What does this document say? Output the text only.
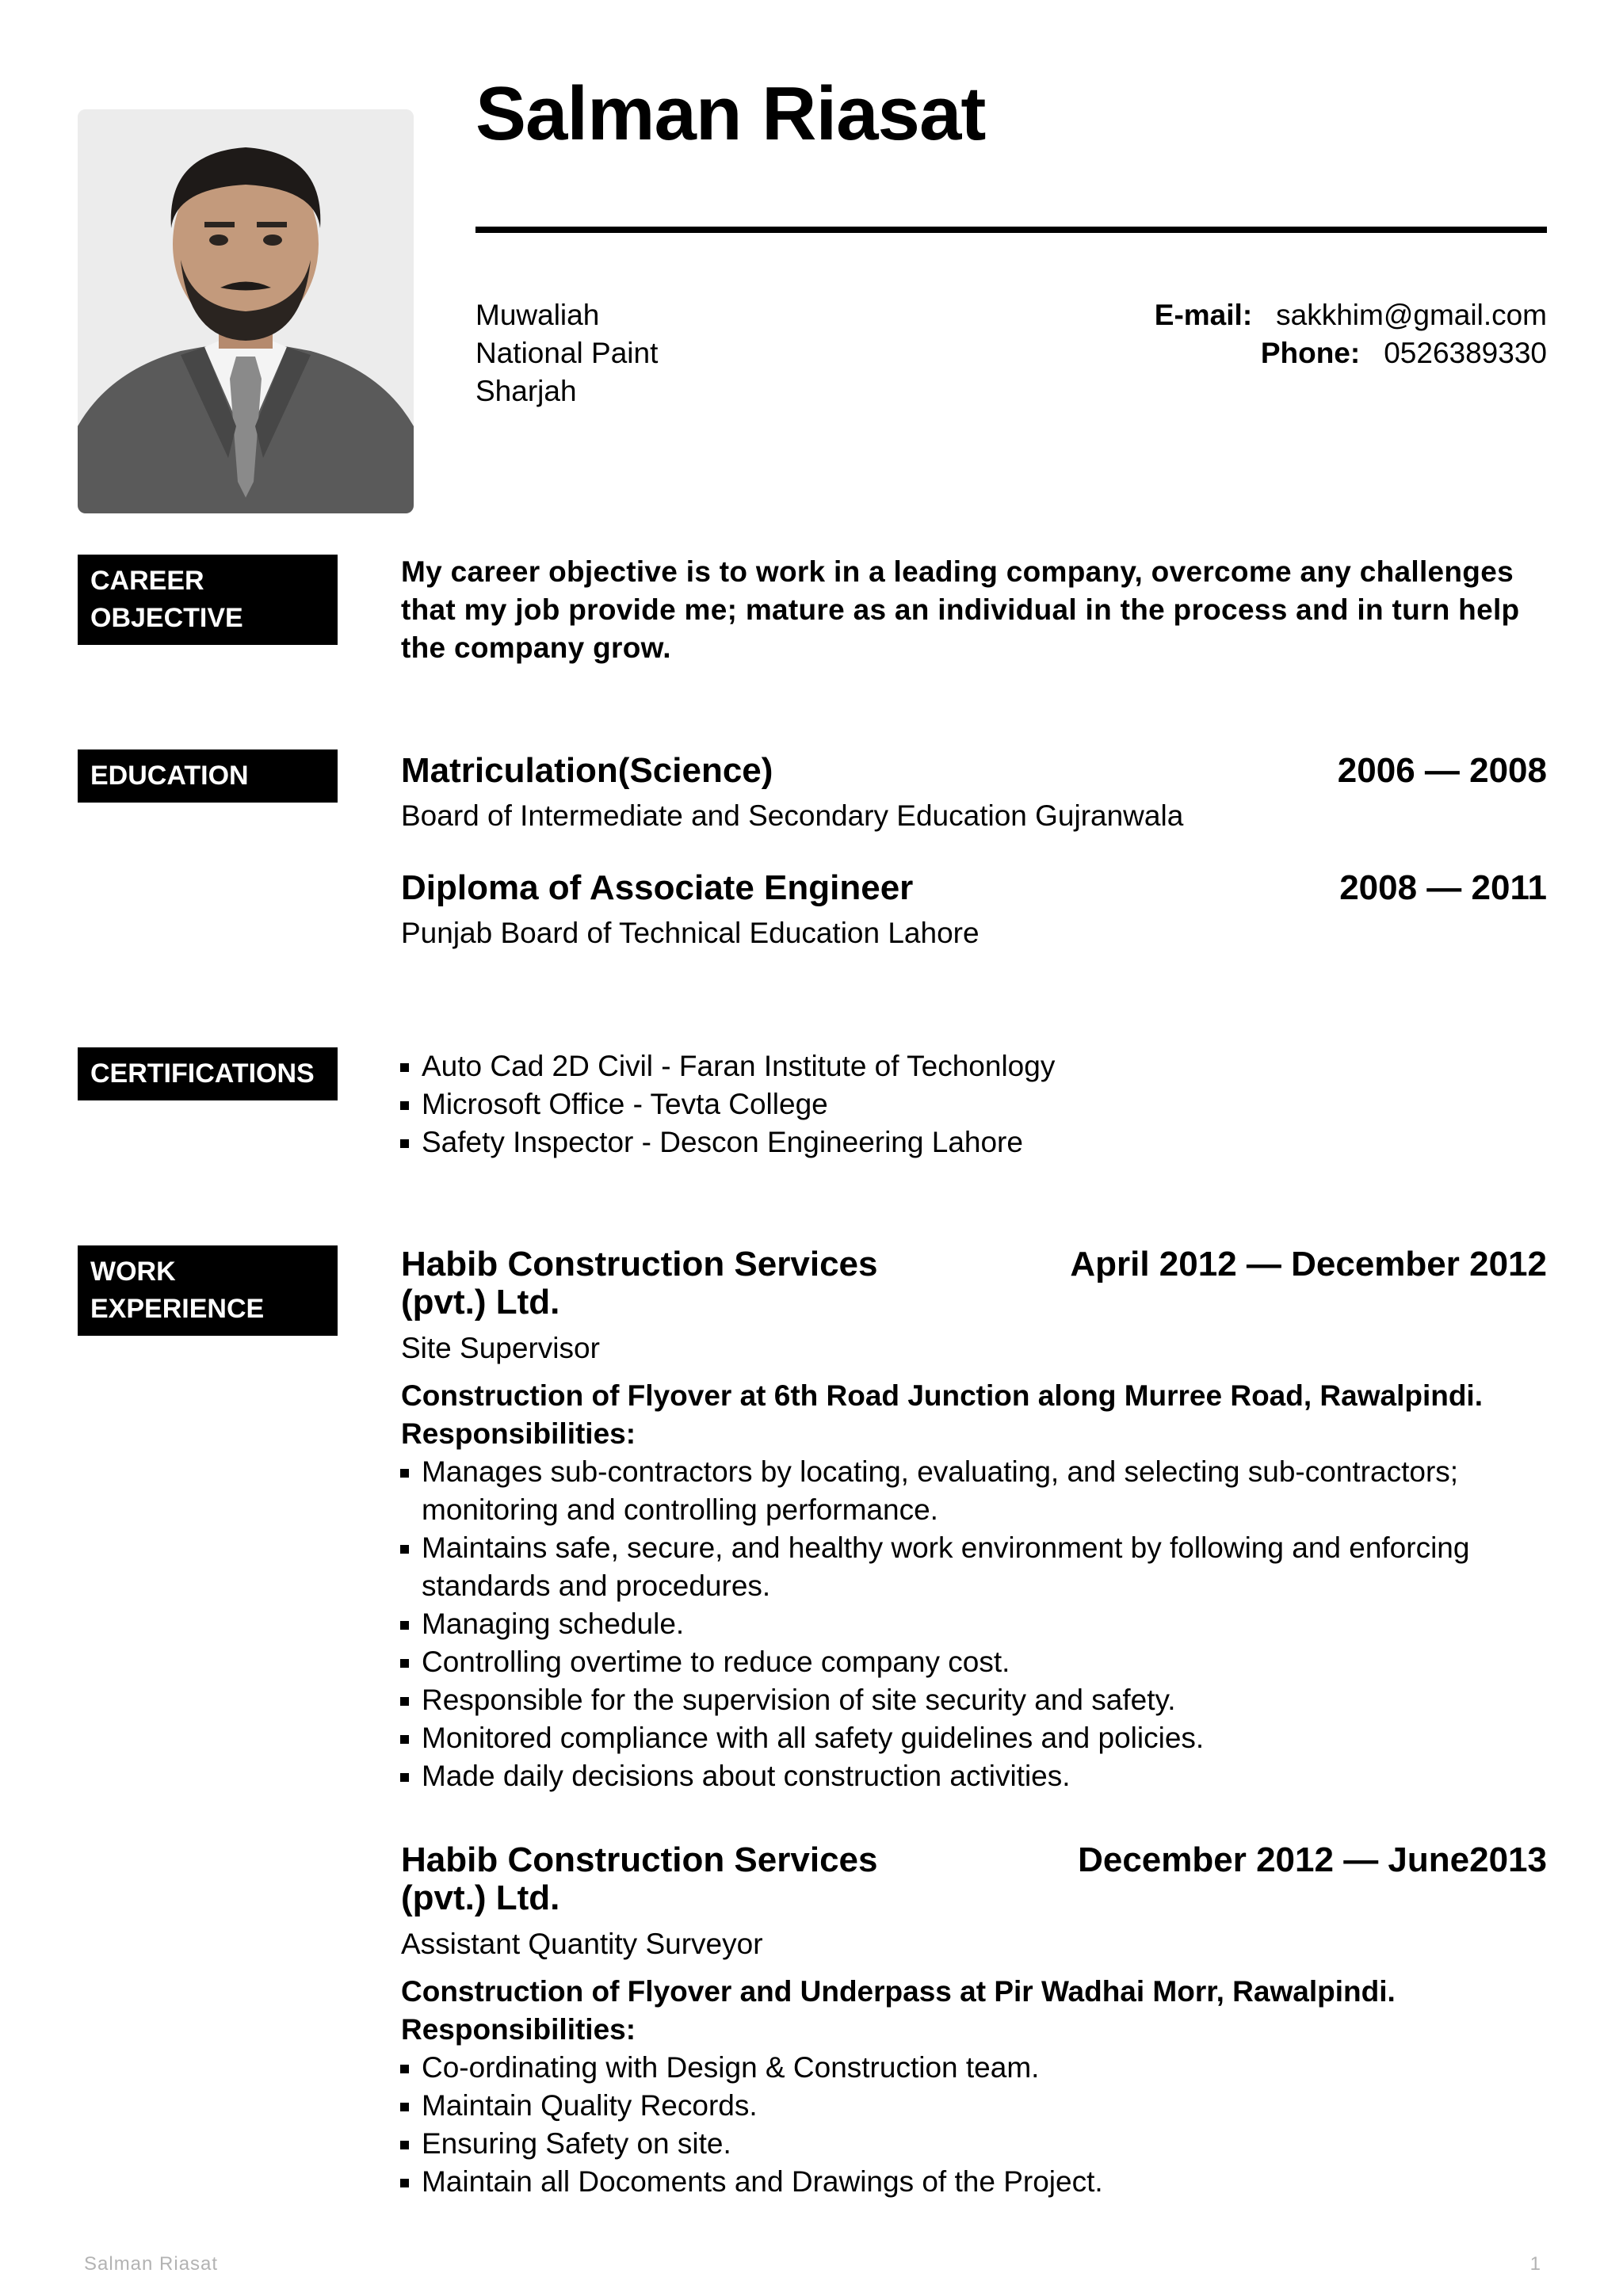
Salman Riasat
Muwaliah
National Paint
Sharjah
E-mail: sakkhim@gmail.com
Phone: 0526389330
CAREER OBJECTIVE
My career objective is to work in a leading company, overcome any challenges that my job provide me; mature as an individual in the process and in turn help the company grow.
EDUCATION	Matriculation(Science)	2006 — 2008
Board of Intermediate and Secondary Education Gujranwala
Diploma of Associate Engineer	2008 — 2011
Punjab Board of Technical Education Lahore
CERTIFICATIONS	Auto Cad 2D Civil - Faran Institute of Techonlogy
Microsoft Office - Tevta College
Safety Inspector - Descon Engineering Lahore
WORK EXPERIENCE
Habib Construction Services (pvt.) Ltd.
April 2012 — December 2012
Site Supervisor
Construction of Flyover at 6th Road Junction along Murree Road, Rawalpindi.
Responsibilities:
Manages sub-contractors by locating, evaluating, and selecting sub-contractors; monitoring and controlling performance.
Maintains safe, secure, and healthy work environment by following and enforcing standards and procedures.
Managing schedule.
Controlling overtime to reduce company cost.
Responsible for the supervision of site security and safety.
Monitored compliance with all safety guidelines and policies.
Made daily decisions about construction activities.
Habib Construction Services (pvt.) Ltd.
December 2012 — June2013
Assistant Quantity Surveyor
Construction of Flyover and Underpass at Pir Wadhai Morr, Rawalpindi.
Responsibilities:
Co-ordinating with Design & Construction team.
Maintain Quality Records.
Ensuring Safety on site.
Maintain all Docoments and Drawings of the Project.
Salman Riasat	1
